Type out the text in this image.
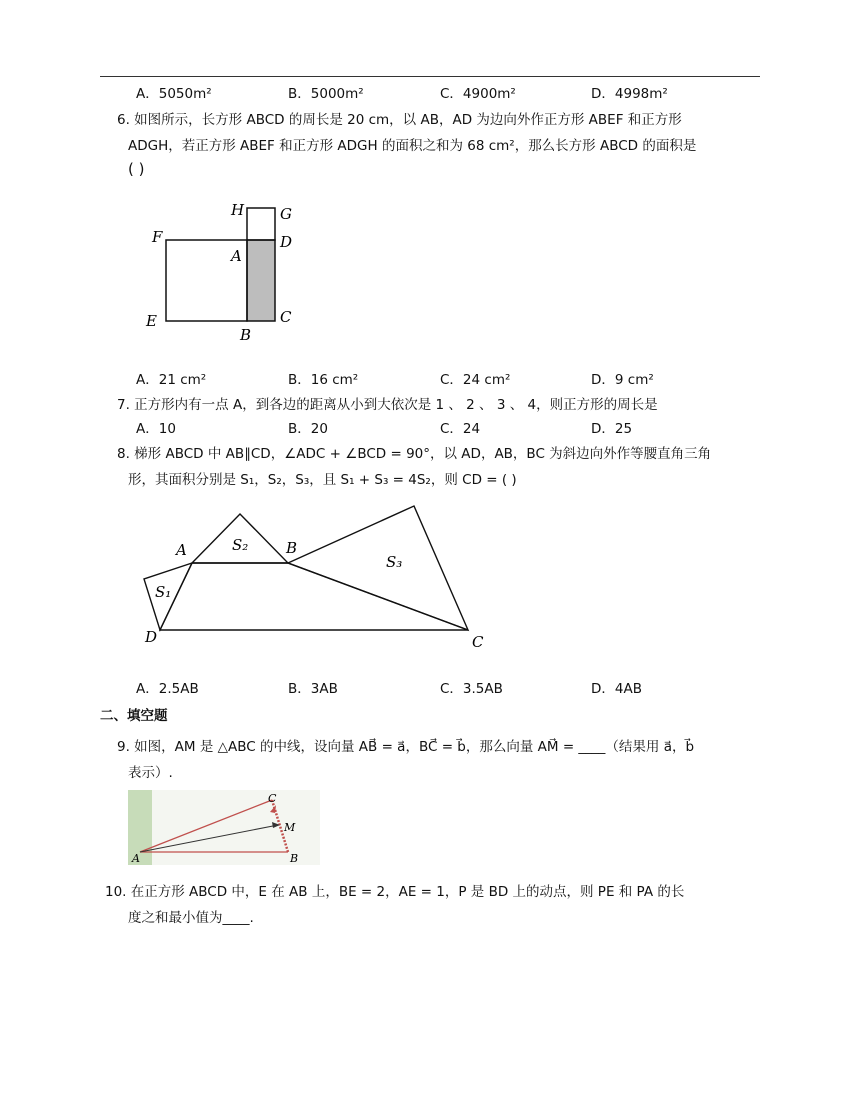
A．5050m²	B．5000m²	C．4900m²	D．4998m²
6. 如图所示，长方形 ABCD 的周长是 20 cm，以 AB，AD 为边向外作正方形 ABEF 和正方形
ADGH，若正方形 ABEF 和正方形 ADGH 的面积之和为 68 cm²，那么长方形 ABCD 的面积是
( )
H G
F	D
A
E	C
B
A．21 cm²	B．16 cm²	C．24 cm²	D．9 cm²
7. 正方形内有一点 A，到各边的距离从小到大依次是 1 、 2 、 3 、 4，则正方形的周长是
A．10	B．20	C．24	D．25
8. 梯形 ABCD 中 AB∥CD，∠ADC + ∠BCD = 90°，以 AD，AB，BC 为斜边向外作等腰直角三角
形，其面积分别是 S₁，S₂，S₃，且 S₁ + S₃ = 4S₂，则 CD = ( )
A	B
C
D
S₁
S₂
S₃
A．2.5AB	B．3AB	C．3.5AB	D．4AB
二、填空题
9. 如图，AM 是 △ABC 的中线，设向量 AB⃗ = a⃗，BC⃗ = b⃗，那么向量 AM⃗ = ____（结果用 a⃗，b⃗
表示）.
A	B
C
M
10. 在正方形 ABCD 中，E 在 AB 上，BE = 2，AE = 1，P 是 BD 上的动点，则 PE 和 PA 的长
度之和最小值为____.
